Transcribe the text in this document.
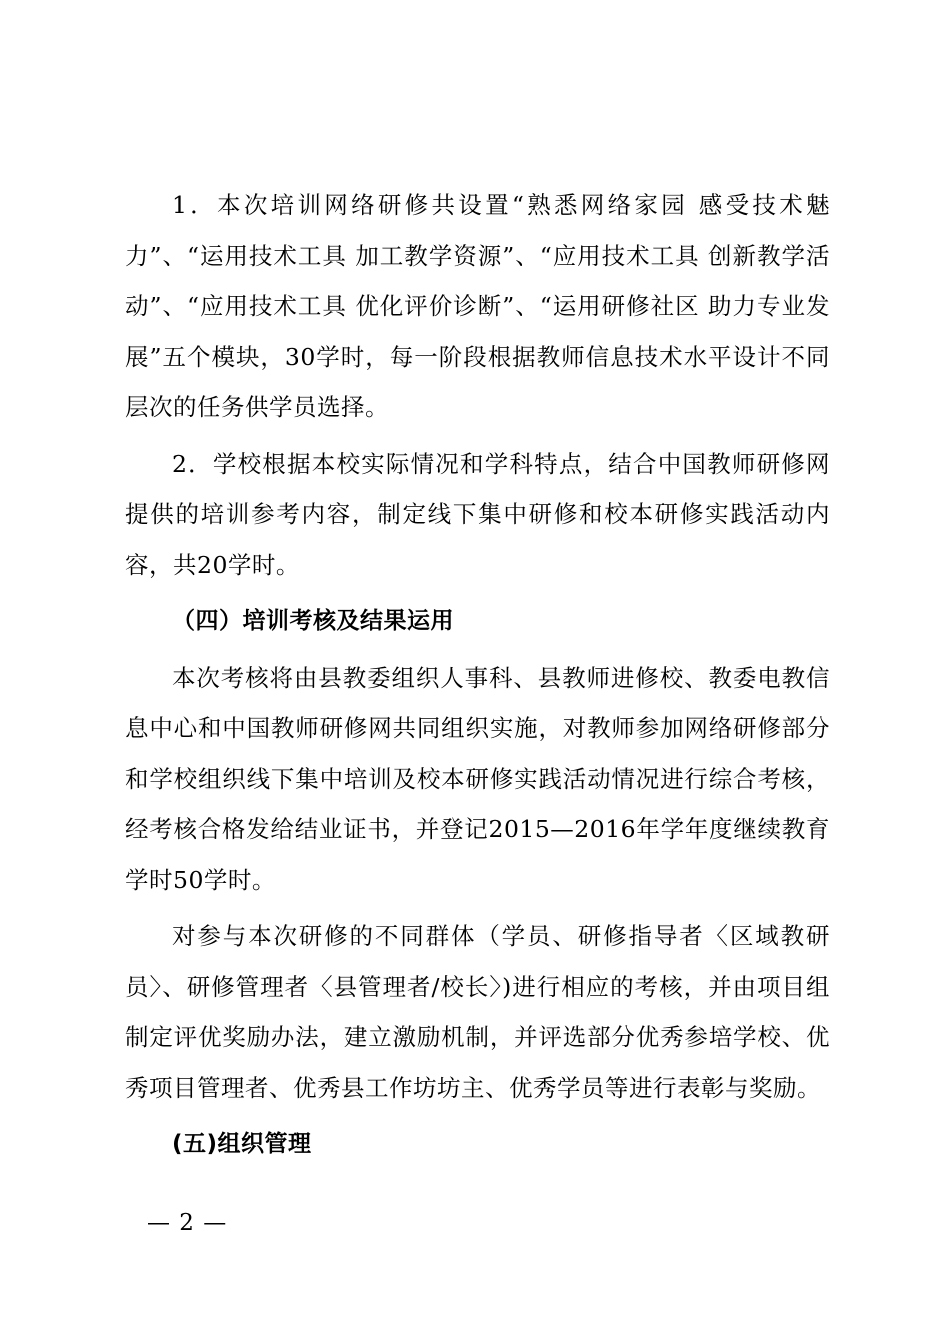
1．本次培训网络研修共设置“熟悉网络家园 感受技术魅力”、“运用技术工具 加工教学资源”、“应用技术工具 创新教学活动”、“应用技术工具 优化评价诊断”、“运用研修社区 助力专业发展”五个模块，30学时，每一阶段根据教师信息技术水平设计不同层次的任务供学员选择。

2．学校根据本校实际情况和学科特点，结合中国教师研修网提供的培训参考内容，制定线下集中研修和校本研修实践活动内容，共20学时。

（四）培训考核及结果运用

本次考核将由县教委组织人事科、县教师进修校、教委电教信息中心和中国教师研修网共同组织实施，对教师参加网络研修部分和学校组织线下集中培训及校本研修实践活动情况进行综合考核，经考核合格发给结业证书，并登记2015—2016年学年度继续教育学时50学时。

对参与本次研修的不同群体（学员、研修指导者〈区域教研员〉、研修管理者〈县管理者/校长〉)进行相应的考核，并由项目组制定评优奖励办法，建立激励机制，并评选部分优秀参培学校、优秀项目管理者、优秀县工作坊坊主、优秀学员等进行表彰与奖励。

(五)组织管理

— 2 —
